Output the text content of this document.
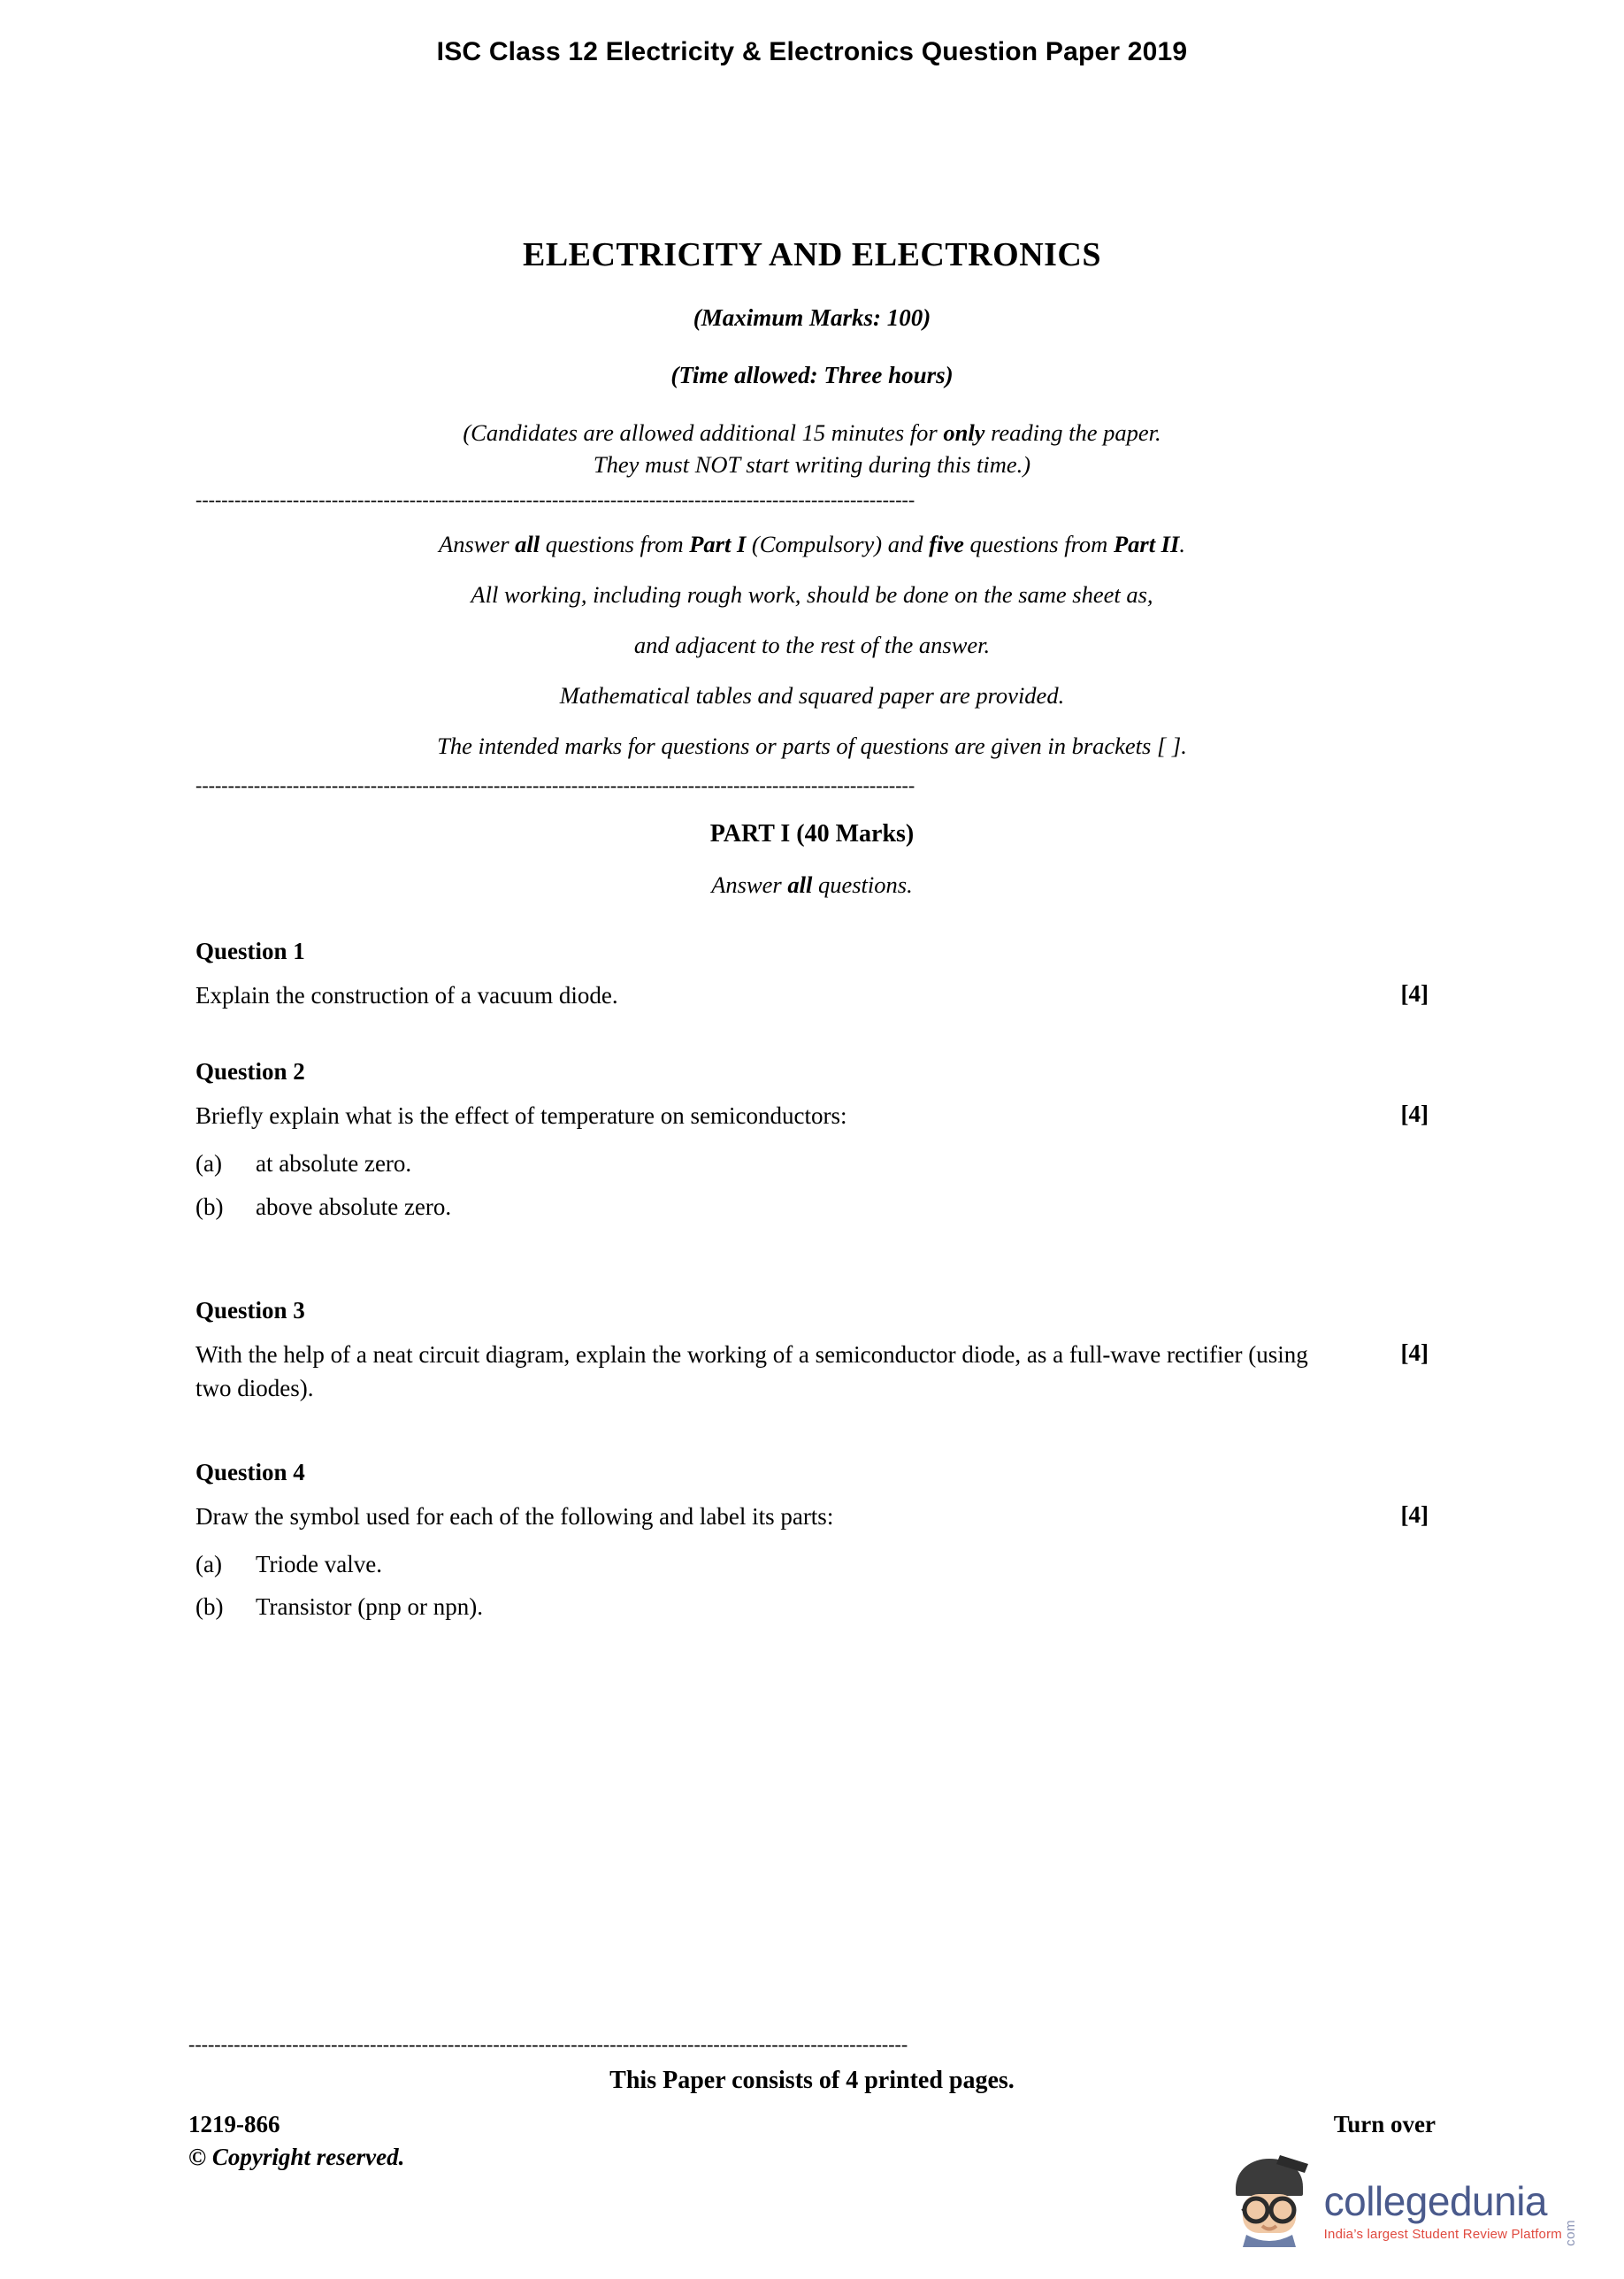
ISC Class 12 Electricity & Electronics Question Paper 2019
ELECTRICITY AND ELECTRONICS
(Maximum Marks: 100)
(Time allowed: Three hours)
(Candidates are allowed additional 15 minutes for only reading the paper.
They must NOT start writing during this time.)
---------------------------------------------------------------------------------------------------------------
Answer all questions from Part I (Compulsory) and five questions from Part II.
All working, including rough work, should be done on the same sheet as,
and adjacent to the rest of the answer.
Mathematical tables and squared paper are provided.
The intended marks for questions or parts of questions are given in brackets [ ].
---------------------------------------------------------------------------------------------------------------
PART I (40 Marks)
Answer all questions.
Question 1
Explain the construction of a vacuum diode.	[4]
Question 2
Briefly explain what is the effect of temperature on semiconductors:	[4]
(a)	at absolute zero.
(b)	above absolute zero.
Question 3
With the help of a neat circuit diagram, explain the working of a semiconductor diode, as a full-wave rectifier (using two diodes).
[4]
Question 4
Draw the symbol used for each of the following and label its parts:	[4]
(a)	Triode valve.
(b)	Transistor (pnp or npn).
---------------------------------------------------------------------------------------------------------------
This Paper consists of 4 printed pages.
1219-866	Turn over
© Copyright reserved.
collegedunia
com
India’s largest Student Review Platform
